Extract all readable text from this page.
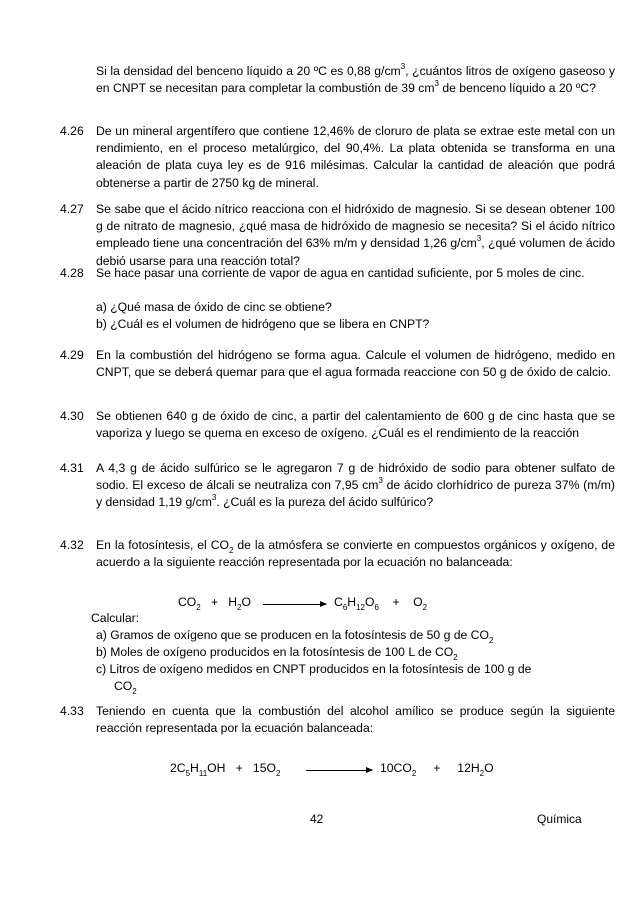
Si la densidad del benceno líquido a 20 ºC es 0,88 $g/cm^3$, ¿cuántos litros de oxígeno gaseoso y en CNPT se necesitan para completar la combustión de 39 $cm^3$ de benceno líquido a 20 ºC?
4.26 De un mineral argentífero que contiene 12,46% de cloruro de plata se extrae este metal con un rendimiento, en el proceso metalúrgico, del 90,4%. La plata obtenida se transforma en una aleación de plata cuya ley es de 916 milésimas. Calcular la cantidad de aleación que podrá obtenerse a partir de 2750 kg de mineral.
4.27 Se sabe que el ácido nítrico reacciona con el hidróxido de magnesio. Si se desean obtener 100 g de nitrato de magnesio, ¿qué masa de hidróxido de magnesio se necesita? Si el ácido nítrico empleado tiene una concentración del 63% m/m y densidad 1,26 $g/cm^3$, ¿qué volumen de ácido debió usarse para una reacción total?
4.28 Se hace pasar una corriente de vapor de agua en cantidad suficiente, por 5 moles de cinc.
a) ¿Qué masa de óxido de cinc se obtiene?
b) ¿Cuál es el volumen de hidrógeno que se libera en CNPT?
4.29 En la combustión del hidrógeno se forma agua. Calcule el volumen de hidrógeno, medido en CNPT, que se deberá quemar para que el agua formada reaccione con 50 g de óxido de calcio.
4.30 Se obtienen 640 g de óxido de cinc, a partir del calentamiento de 600 g de cinc hasta que se vaporiza y luego se quema en exceso de oxígeno. ¿Cuál es el rendimiento de la reacción
4.31 A 4,3 g de ácido sulfúrico se le agregaron 7 g de hidróxido de sodio para obtener sulfato de sodio. El exceso de álcali se neutraliza con 7,95 $cm^3$ de ácido clorhídrico de pureza 37% (m/m) y densidad 1,19 $g/cm^3$. ¿Cuál es la pureza del ácido sulfúrico?
4.32 En la fotosíntesis, el $CO_2$ de la atmósfera se convierte en compuestos orgánicos y oxígeno, de acuerdo a la siguiente reacción representada por la ecuación no balanceada:
$CO_2 + H_2O \to C_6H_{12}O_6 + O_2$
Calcular:
a) Gramos de oxígeno que se producen en la fotosíntesis de 50 g de $CO_2$
b) Moles de oxígeno producidos en la fotosíntesis de 100 L de $CO_2$
c) Litros de oxígeno medidos en CNPT producidos en la fotosíntesis de 100 g de
$CO_2$
4.33 Teniendo en cuenta que la combustión del alcohol amílico se produce según la siguiente reacción representada por la ecuación balanceada:
$2C_5H_{11}OH + 15O_2$	$10CO_2 + 12H_2O$
42	Química
